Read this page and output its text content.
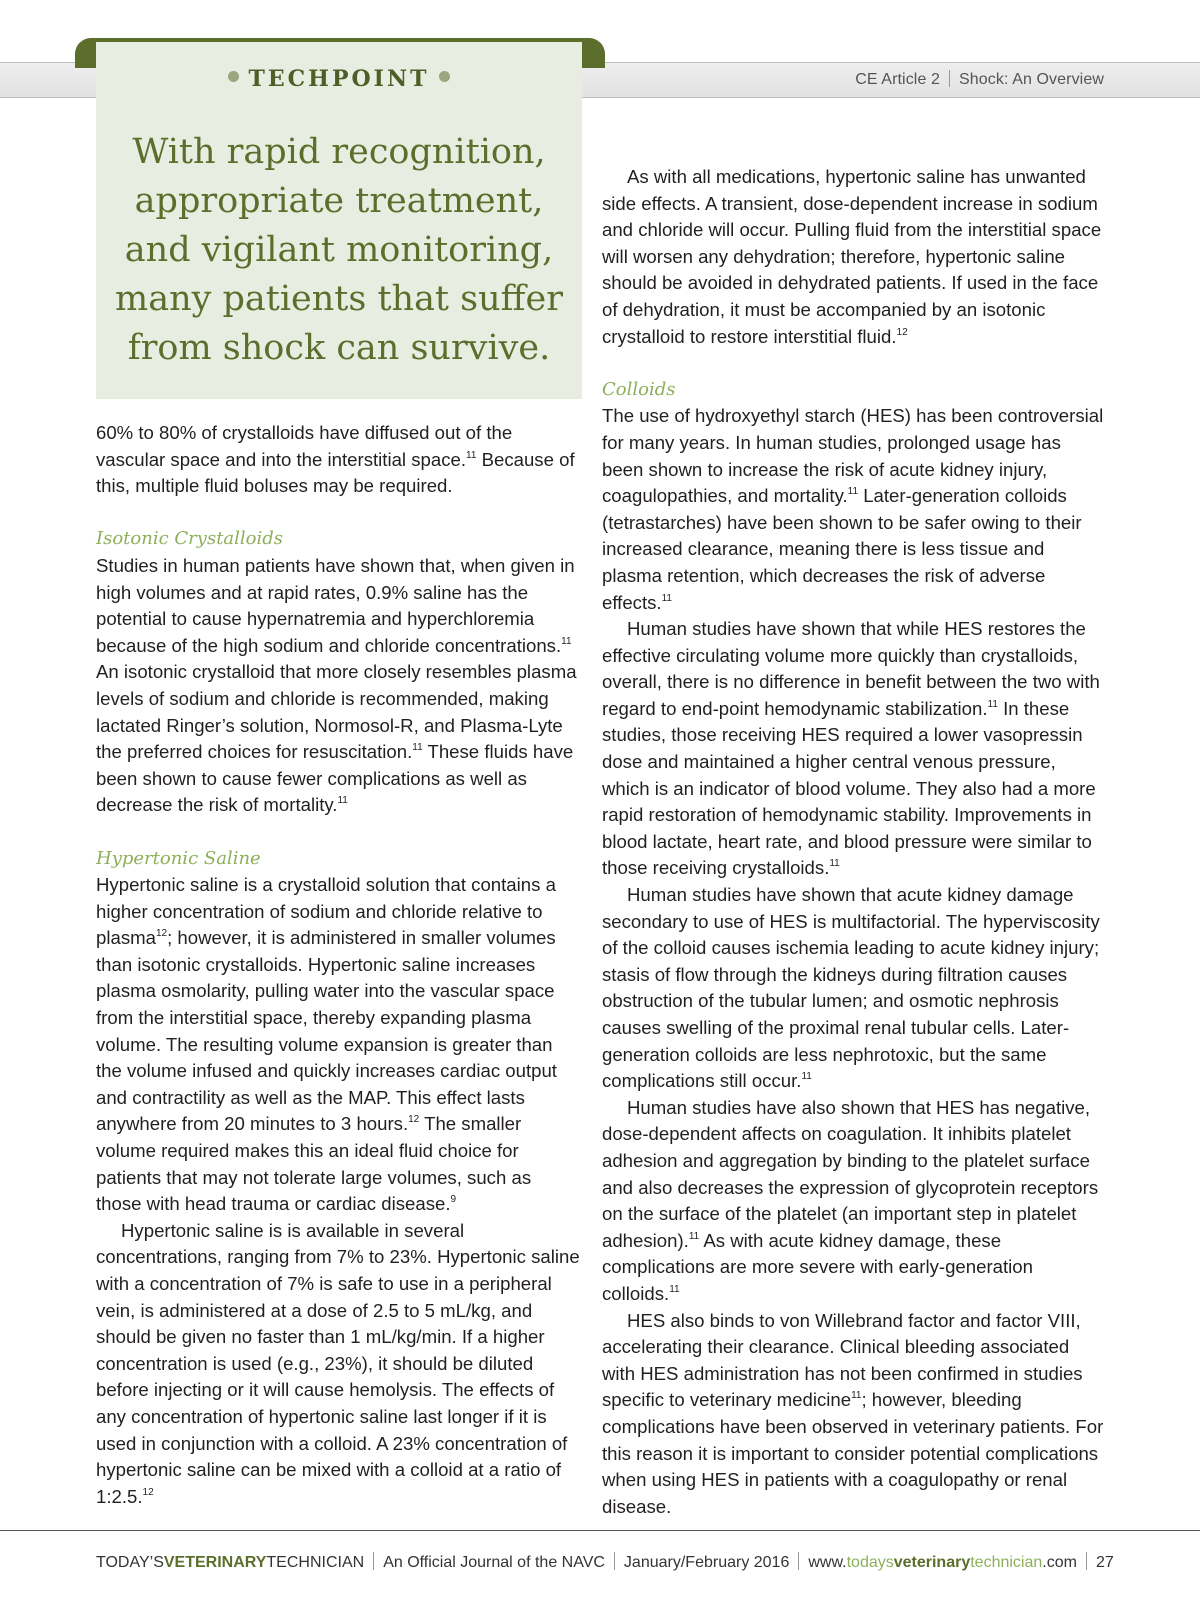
CE Article 2 Shock: An Overview
TECHPOINT
With rapid recognition,
appropriate treatment,
and vigilant monitoring,
many patients that suffer
from shock can survive.

60% to 80% of crystalloids have diffused out of the vascular space and into the interstitial space.$^{11}$ Because of this, multiple fluid boluses may be required.

Isotonic Crystalloids

Studies in human patients have shown that, when given in high volumes and at rapid rates, 0.9% saline has the potential to cause hypernatremia and hyperchloremia because of the high sodium and chloride concentrations.$^{11}$ An isotonic crystalloid that more closely resembles plasma levels of sodium and chloride is recommended, making lactated Ringer’s solution, Normosol-R, and Plasma-Lyte the preferred choices for resuscitation.$^{11}$ These fluids have been shown to cause fewer complications as well as decrease the risk of mortality.$^{11}$

Hypertonic Saline

Hypertonic saline is a crystalloid solution that contains a higher concentration of sodium and chloride relative to plasma$^{12}$; however, it is administered in smaller volumes than isotonic crystalloids. Hypertonic saline increases plasma osmolarity, pulling water into the vascular space from the interstitial space, thereby expanding plasma volume. The resulting volume expansion is greater than the volume infused and quickly increases cardiac output and contractility as well as the MAP. This effect lasts anywhere from 20 minutes to 3 hours.$^{12}$ The smaller volume required makes this an ideal fluid choice for patients that may not tolerate large volumes, such as those with head trauma or cardiac disease.$^9$

Hypertonic saline is is available in several concentrations, ranging from 7% to 23%. Hypertonic saline with a concentration of 7% is safe to use in a peripheral vein, is administered at a dose of 2.5 to 5 mL/kg, and should be given no faster than 1 mL/kg/min. If a higher concentration is used (e.g., 23%), it should be diluted before injecting or it will cause hemolysis. The effects of any concentration of hypertonic saline last longer if it is used in conjunction with a colloid. A 23% concentration of hypertonic saline can be mixed with a colloid at a ratio of 1:2.5.12

As with all medications, hypertonic saline has unwanted side effects. A transient, dose-dependent increase in sodium and chloride will occur. Pulling fluid from the interstitial space will worsen any dehydration; therefore, hypertonic saline should be avoided in dehydrated patients. If used in the face of dehydration, it must be accompanied by an isotonic crystalloid to restore interstitial fluid.$^{12}$

Colloids

The use of hydroxyethyl starch (HES) has been controversial for many years. In human studies, prolonged usage has been shown to increase the risk of acute kidney injury, coagulopathies, and mortality.$^{11}$ Later-generation colloids (tetrastarches) have been shown to be safer owing to their increased clearance, meaning there is less tissue and plasma retention, which decreases the risk of adverse effects.$^{11}$

Human studies have shown that while HES restores the effective circulating volume more quickly than crystalloids, overall, there is no difference in benefit between the two with regard to end-point hemodynamic stabilization.$^{11}$ In these studies, those receiving HES required a lower vasopressin dose and maintained a higher central venous pressure, which is an indicator of blood volume. They also had a more rapid restoration of hemodynamic stability. Improvements in blood lactate, heart rate, and blood pressure were similar to those receiving crystalloids.$^{11}$

Human studies have shown that acute kidney damage secondary to use of HES is multifactorial. The hyperviscosity of the colloid causes ischemia leading to acute kidney injury; stasis of flow through the kidneys during filtration causes obstruction of the tubular lumen; and osmotic nephrosis causes swelling of the proximal renal tubular cells. Later-generation colloids are less nephrotoxic, but the same complications still occur.$^{11}$

Human studies have also shown that HES has negative, dose-dependent affects on coagulation. It inhibits platelet adhesion and aggregation by binding to the platelet surface and also decreases the expression of glycoprotein receptors on the surface of the platelet (an important step in platelet adhesion).$^{11}$ As with acute kidney damage, these complications are more severe with early-generation colloids.$^{11}$

HES also binds to von Willebrand factor and factor VIII, accelerating their clearance. Clinical bleeding associated with HES administration has not been confirmed in studies specific to veterinary medicine$^{11}$; however, bleeding complications have been observed in veterinary patients. For this reason it is important to consider potential complications when using HES in patients with a coagulopathy or renal disease.

TODAY’SVETERINARYTECHNICIAN An Official Journal of the NAVC January/February 2016 www.todaysveterinarytechnician.com 27
